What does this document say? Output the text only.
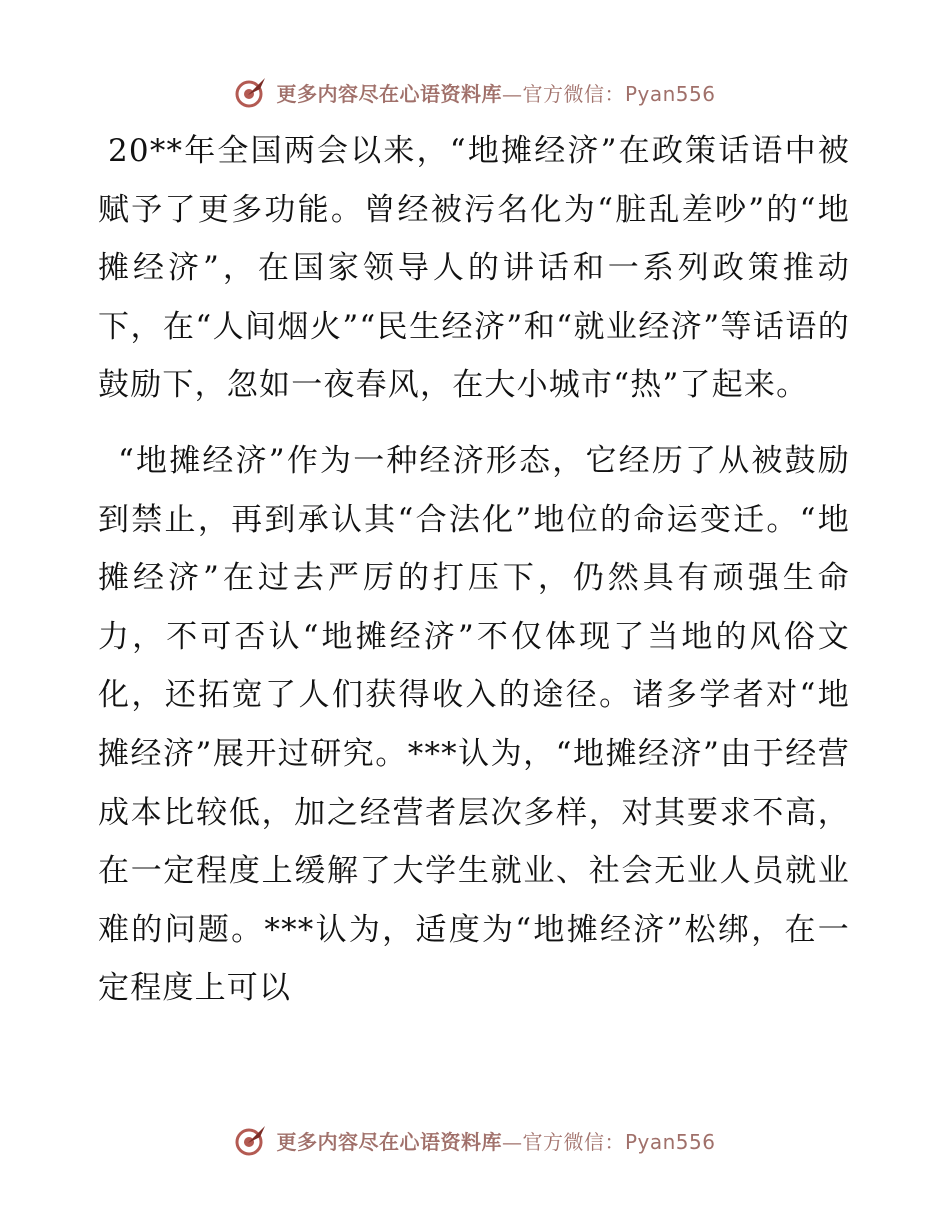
更多内容尽在心语资料库—官方微信：Pyan556

20**年全国两会以来，“地摊经济”在政策话语中被赋予了更多功能。曾经被污名化为“脏乱差吵”的“地摊经济”，在国家领导人的讲话和一系列政策推动下，在“人间烟火”“民生经济”和“就业经济”等话语的鼓励下，忽如一夜春风，在大小城市“热”了起来。

“地摊经济”作为一种经济形态，它经历了从被鼓励到禁止，再到承认其“合法化”地位的命运变迁。“地摊经济”在过去严厉的打压下，仍然具有顽强生命力，不可否认“地摊经济”不仅体现了当地的风俗文化，还拓宽了人们获得收入的途径。诸多学者对“地摊经济”展开过研究。***认为，“地摊经济”由于经营成本比较低，加之经营者层次多样，对其要求不高，在一定程度上缓解了大学生就业、社会无业人员就业难的问题。***认为，适度为“地摊经济”松绑，在一定程度上可以

更多内容尽在心语资料库—官方微信：Pyan556
